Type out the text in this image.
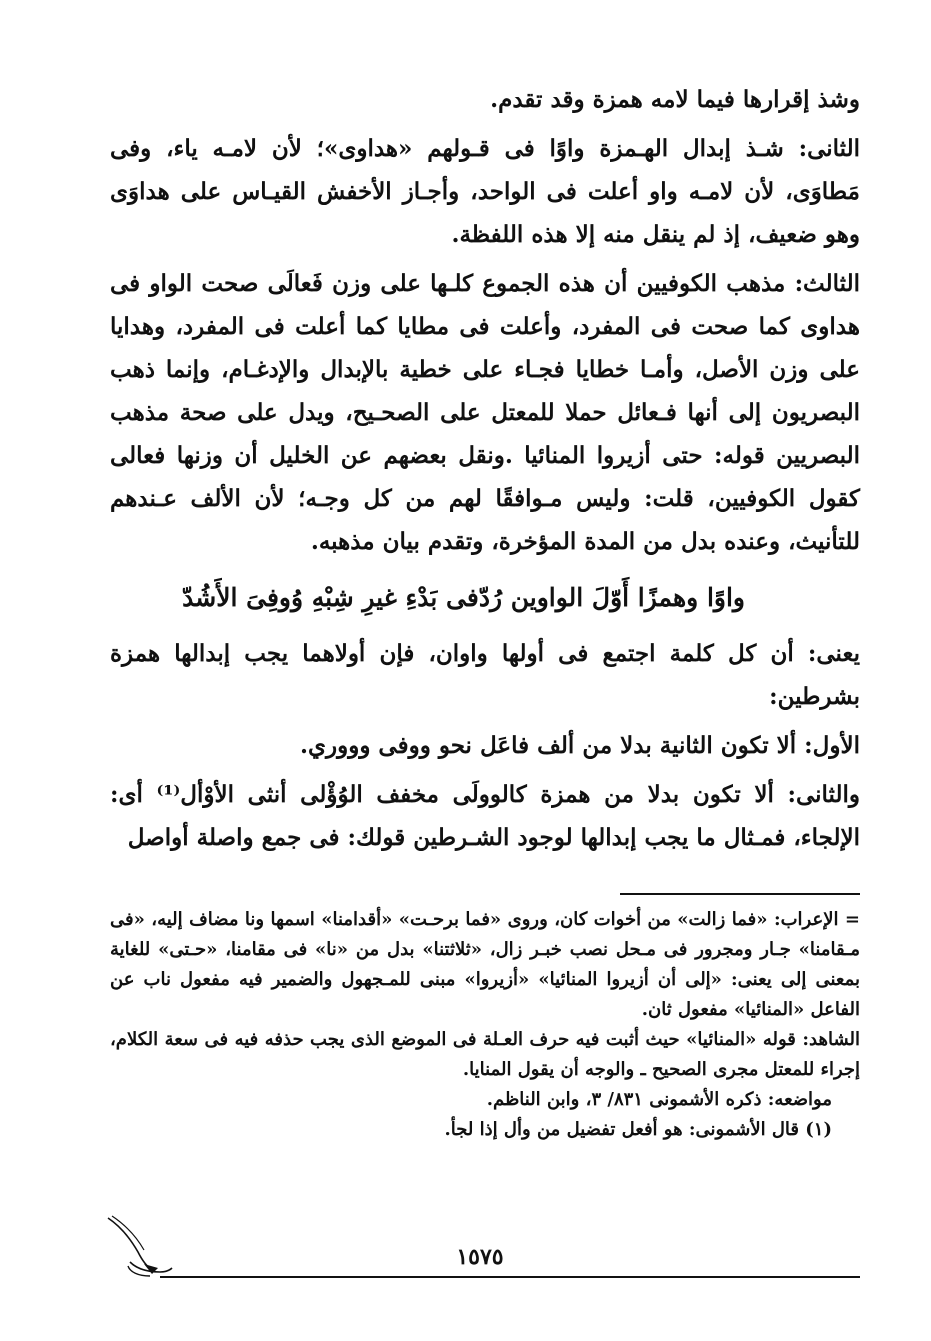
وشذ إقرارها فيما لامه همزة وقد تقدم.

الثانى: شـذ إبدال الهـمزة واوًا فى قـولهم «هداوى»؛ لأن لامـه ياء، وفى مَطاوَى، لأن لامـه واو أعلت فى الواحد، وأجـاز الأخفش القيـاس على هداوَى وهو ضعيف، إذ لم ينقل منه إلا هذه اللفظة.

الثالث: مذهب الكوفيين أن هذه الجموع كلـها على وزن فَعالَى صحت الواو فى هداوى كما صحت فى المفرد، وأعلت فى مطايا كما أعلت فى المفرد، وهدايا على وزن الأصل، وأمـا خطايا فجـاء على خطية بالإبدال والإدغـام، وإنما ذهب البصريون إلى أنها فـعائل حملا للمعتل على الصحـيح، ويدل على صحة مذهب البصريين قوله: حتى أزيروا المنائيا .ونقل بعضهم عن الخليل أن وزنها فعالى كقول الكوفيين، قلت: وليس مـوافقًا لهم من كل وجـه؛ لأن الألف عـندهم للتأنيث، وعنده بدل من المدة المؤخرة، وتقدم بيان مذهبه.

واوًا وهمزًا أَوّلَ الواوين رُدّ
فى بَدْءِ غيرِ شِبْهِ وُوفِىَ الأَشُدّ

يعنى: أن كل كلمة اجتمع فى أولها واوان، فإن أولاهما يجب إبدالها همزة بشرطين:

الأول: ألا تكون الثانية بدلا من ألف فاعَل نحو ووفى وووري.

والثانى: ألا تكون بدلا من همزة كالوولَى مخفف الوُؤْلى أنثى الأوْأل⁽¹⁾ أى: الإلجاء، فمـثال ما يجب إبدالها لوجود الشـرطين قولك: فى جمع واصلة أواصل

= الإعراب: «فما زالت» من أخوات كان، وروى «فما برحـت» «أقدامنا» اسمها ونا مضاف إليه، «فى مـقامنا» جـار ومجرور فى مـحل نصب خبـر زال، «ثلاثتنا» بدل من «نا» فى مقامنا، «حـتى» للغاية بمعنى إلى يعنى: «إلى أن أزيروا المنائيا» «أزيروا» مبنى للمـجهول والضمير فيه مفعول ناب عن الفاعل «المنائيا» مفعول ثان.

الشاهد: قوله «المنائيا» حيث أثبت فيه حرف العـلة فى الموضع الذى يجب حذفه فيه فى سعة الكلام، إجراء للمعتل مجرى الصحيح ـ والوجه أن يقول المنايا.

مواضعه: ذكره الأشمونى ٨٣١/ ٣، وابن الناظم.

(١) قال الأشمونى: هو أفعل تفضيل من وأل إذا لجأ.

١٥٧٥
